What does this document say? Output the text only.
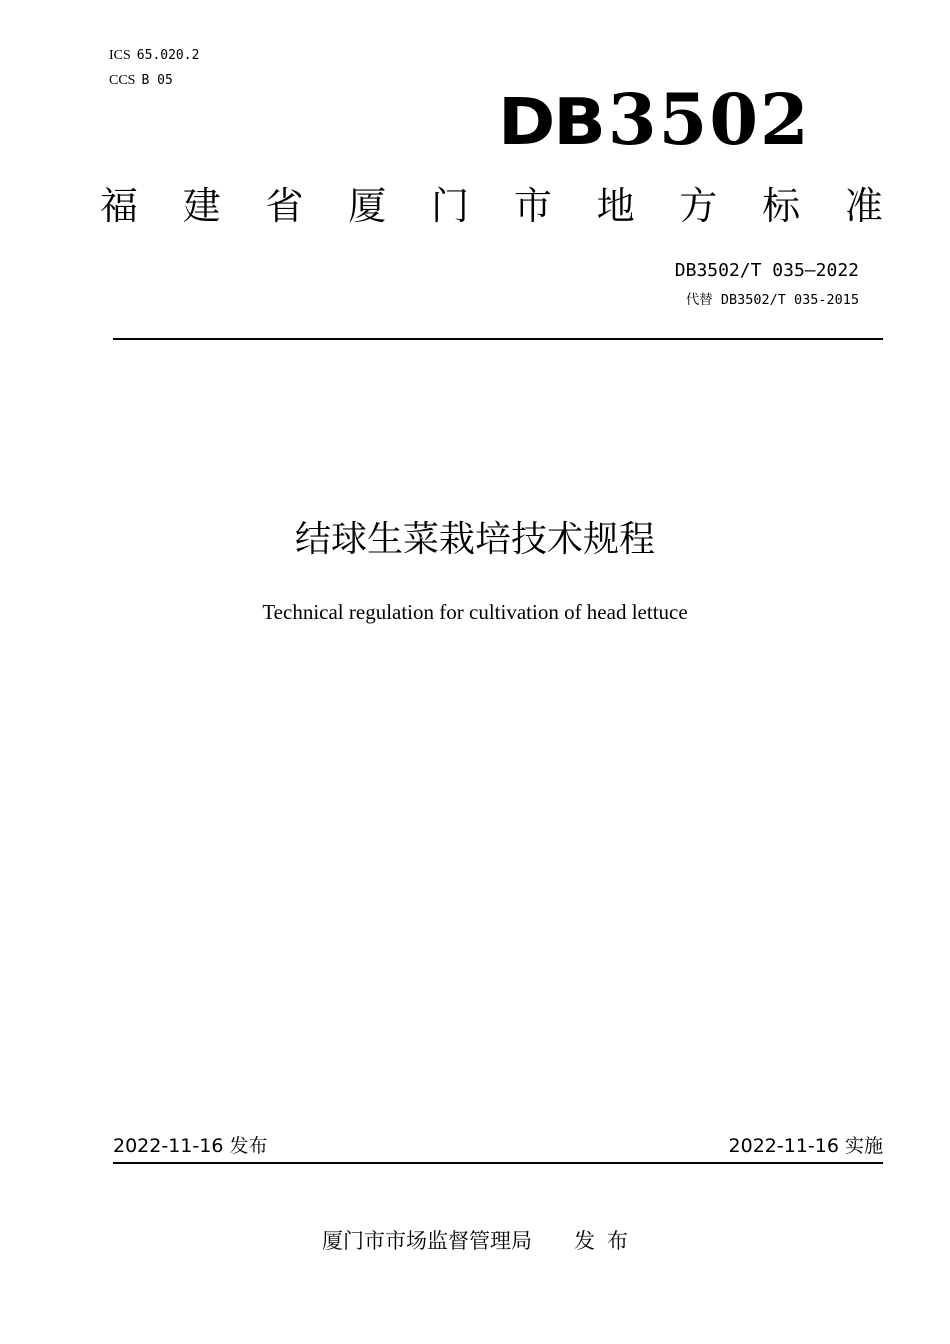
ICS 65.020.2
CCS B 05
DB3502
福 建 省 厦 门 市 地 方 标 准
DB3502/T 035—2022
代替 DB3502/T 035-2015
结球生菜栽培技术规程
Technical regulation for cultivation of head lettuce
2022-11-16 发布	2022-11-16 实施
厦门市市场监督管理局 发布
